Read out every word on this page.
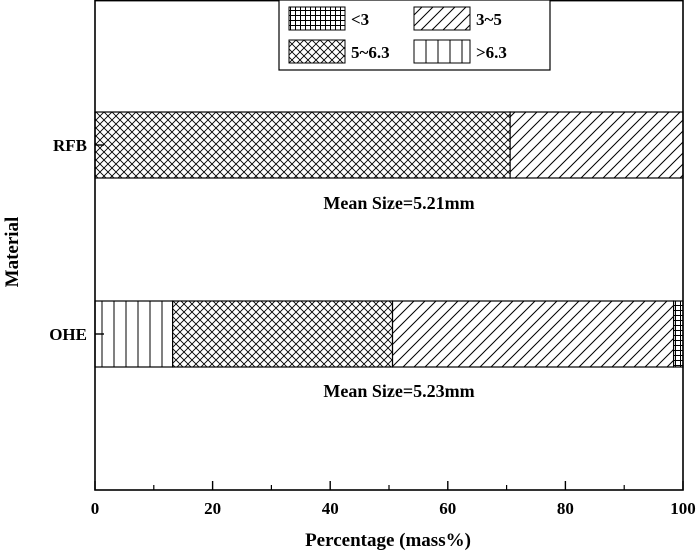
0	20	40	60	80	100
RFB
OHE
Percentage (mass%)
Material
<3	3~5
5~6.3	>6.3
Mean Size=5.21mm
Mean Size=5.23mm
